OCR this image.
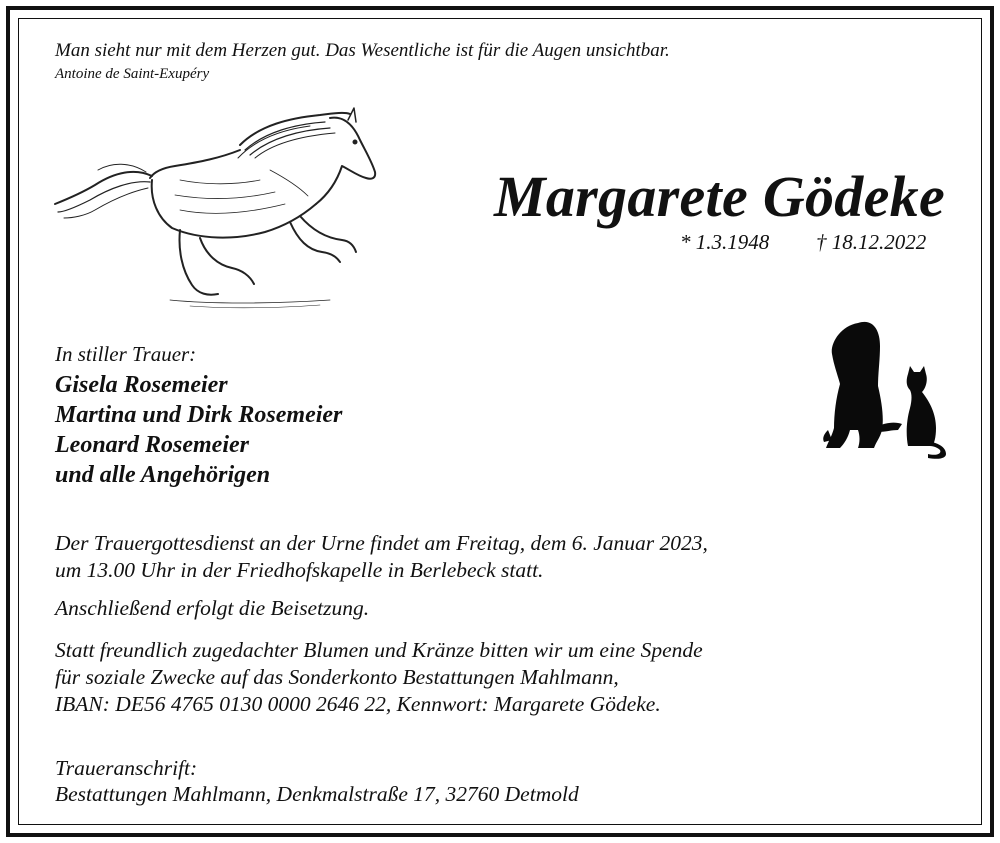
Man sieht nur mit dem Herzen gut. Das Wesentliche ist für die Augen unsichtbar.
Antoine de Saint-Exupéry
Margarete Gödeke
* 1.3.1948 † 18.12.2022
In stiller Trauer:
Gisela Rosemeier
Martina und Dirk Rosemeier
Leonard Rosemeier
und alle Angehörigen
Der Trauergottesdienst an der Urne findet am Freitag, dem 6. Januar 2023,
um 13.00 Uhr in der Friedhofskapelle in Berlebeck statt.
Anschließend erfolgt die Beisetzung.
Statt freundlich zugedachter Blumen und Kränze bitten wir um eine Spende
für soziale Zwecke auf das Sonderkonto Bestattungen Mahlmann,
IBAN: DE56 4765 0130 0000 2646 22, Kennwort: Margarete Gödeke.
Traueranschrift:
Bestattungen Mahlmann, Denkmalstraße 17, 32760 Detmold
